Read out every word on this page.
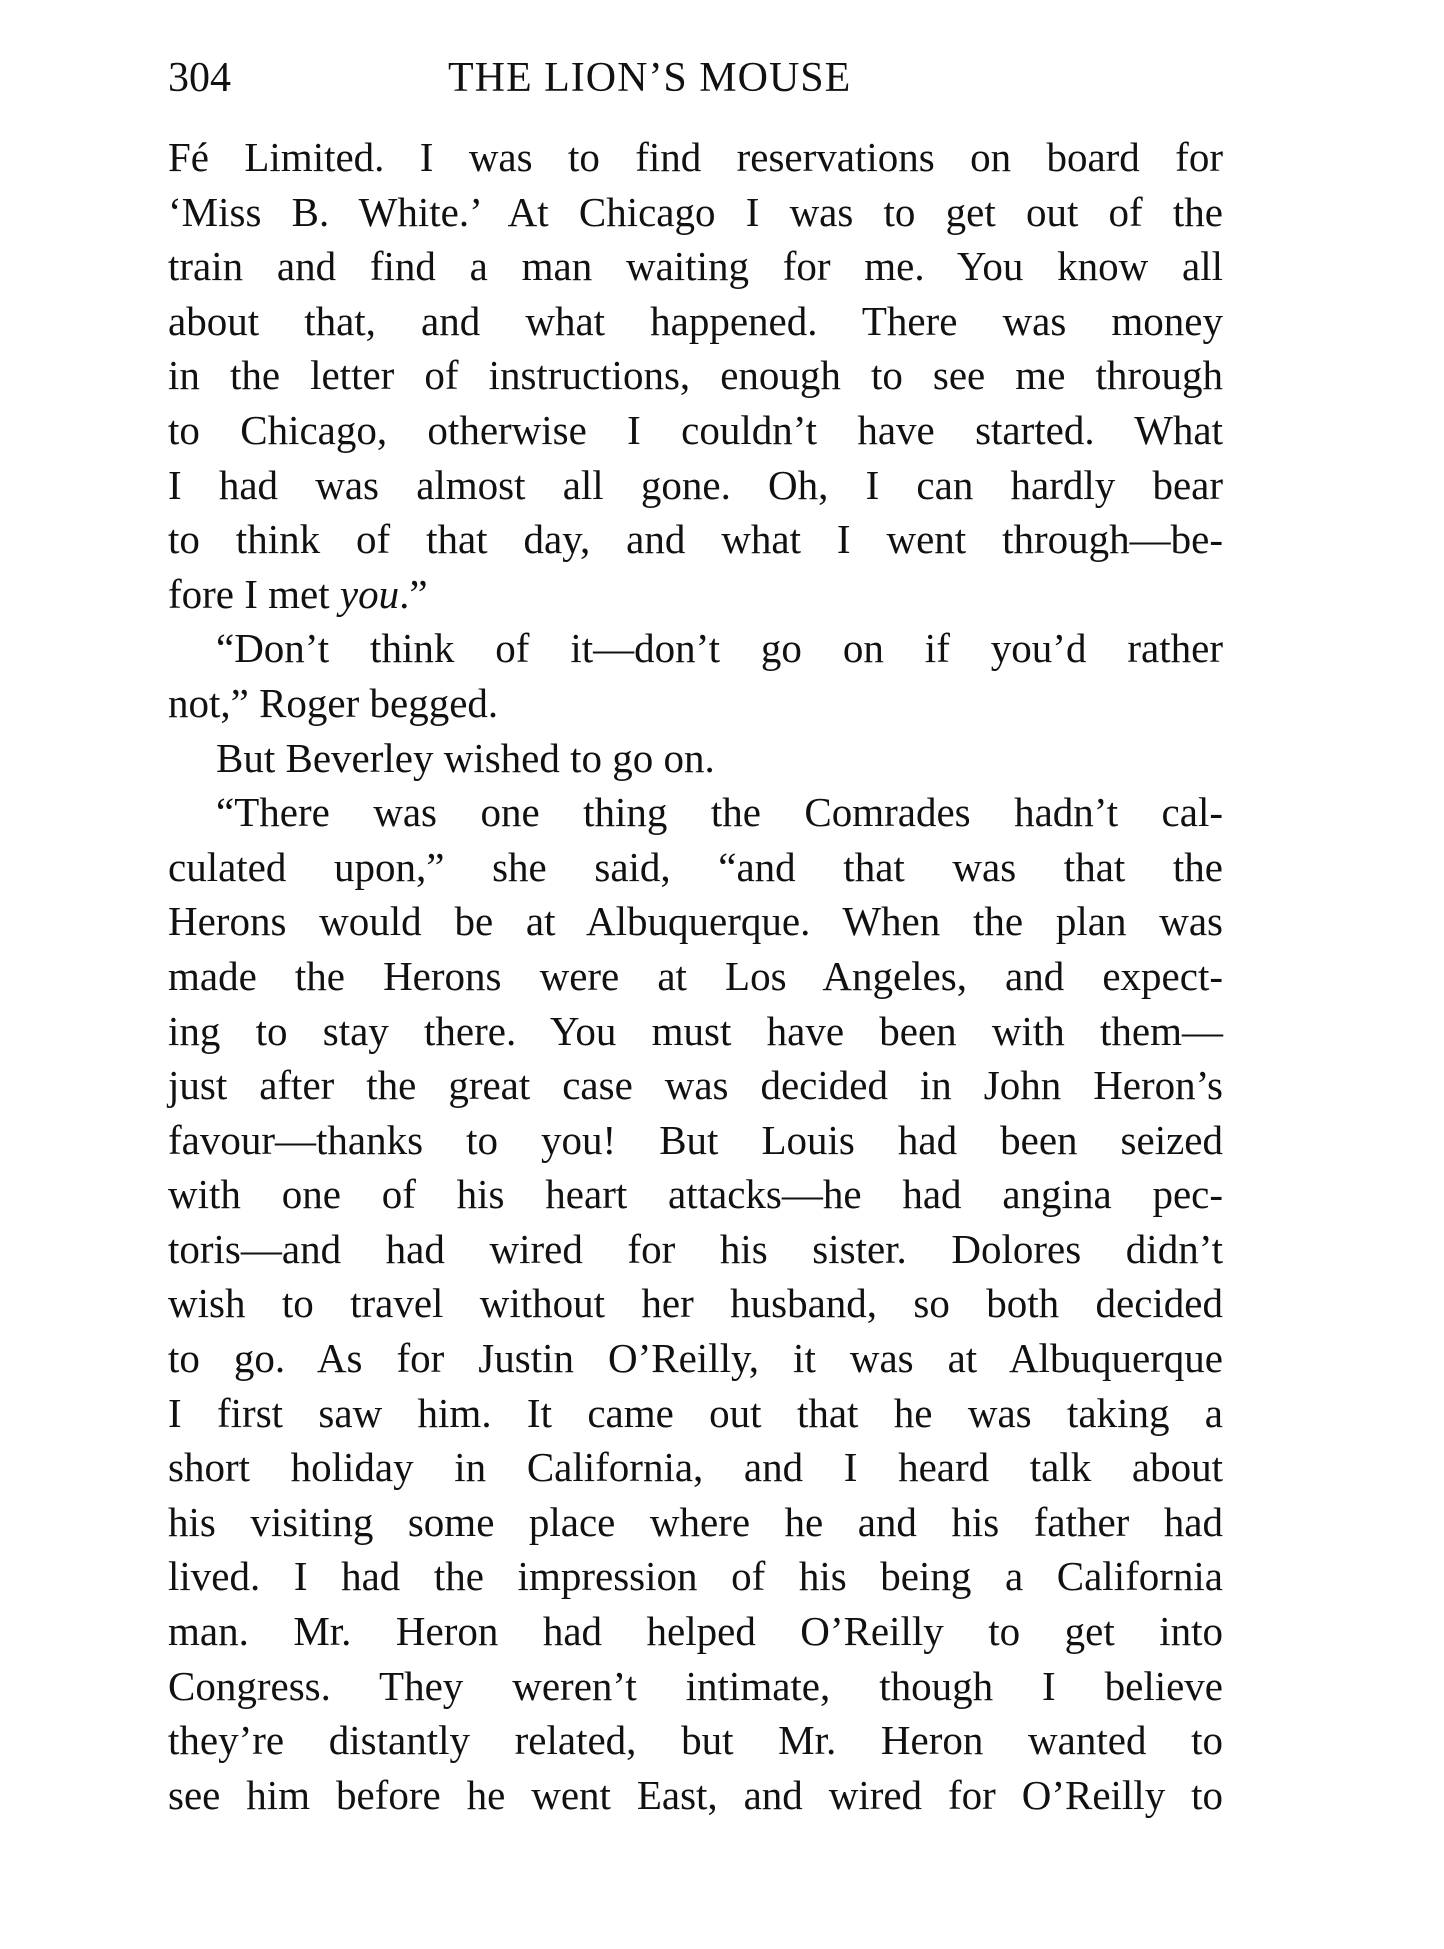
304	THE LION’S MOUSE
Fé Limited. I was to find reservations on board for
‘Miss B. White.’ At Chicago I was to get out of the
train and find a man waiting for me. You know all
about that, and what happened. There was money
in the letter of instructions, enough to see me through
to Chicago, otherwise I couldn’t have started. What
I had was almost all gone. Oh, I can hardly bear
to think of that day, and what I went through—be-
fore I met you.”
“Don’t think of it—don’t go on if you’d rather
not,” Roger begged.
But Beverley wished to go on.
“There was one thing the Comrades hadn’t cal-
culated upon,” she said, “and that was that the
Herons would be at Albuquerque. When the plan was
made the Herons were at Los Angeles, and expect-
ing to stay there. You must have been with them—
just after the great case was decided in John Heron’s
favour—thanks to you! But Louis had been seized
with one of his heart attacks—he had angina pec-
toris—and had wired for his sister. Dolores didn’t
wish to travel without her husband, so both decided
to go. As for Justin O’Reilly, it was at Albuquerque
I first saw him. It came out that he was taking a
short holiday in California, and I heard talk about
his visiting some place where he and his father had
lived. I had the impression of his being a California
man. Mr. Heron had helped O’Reilly to get into
Congress. They weren’t intimate, though I believe
they’re distantly related, but Mr. Heron wanted to
see him before he went East, and wired for O’Reilly to
